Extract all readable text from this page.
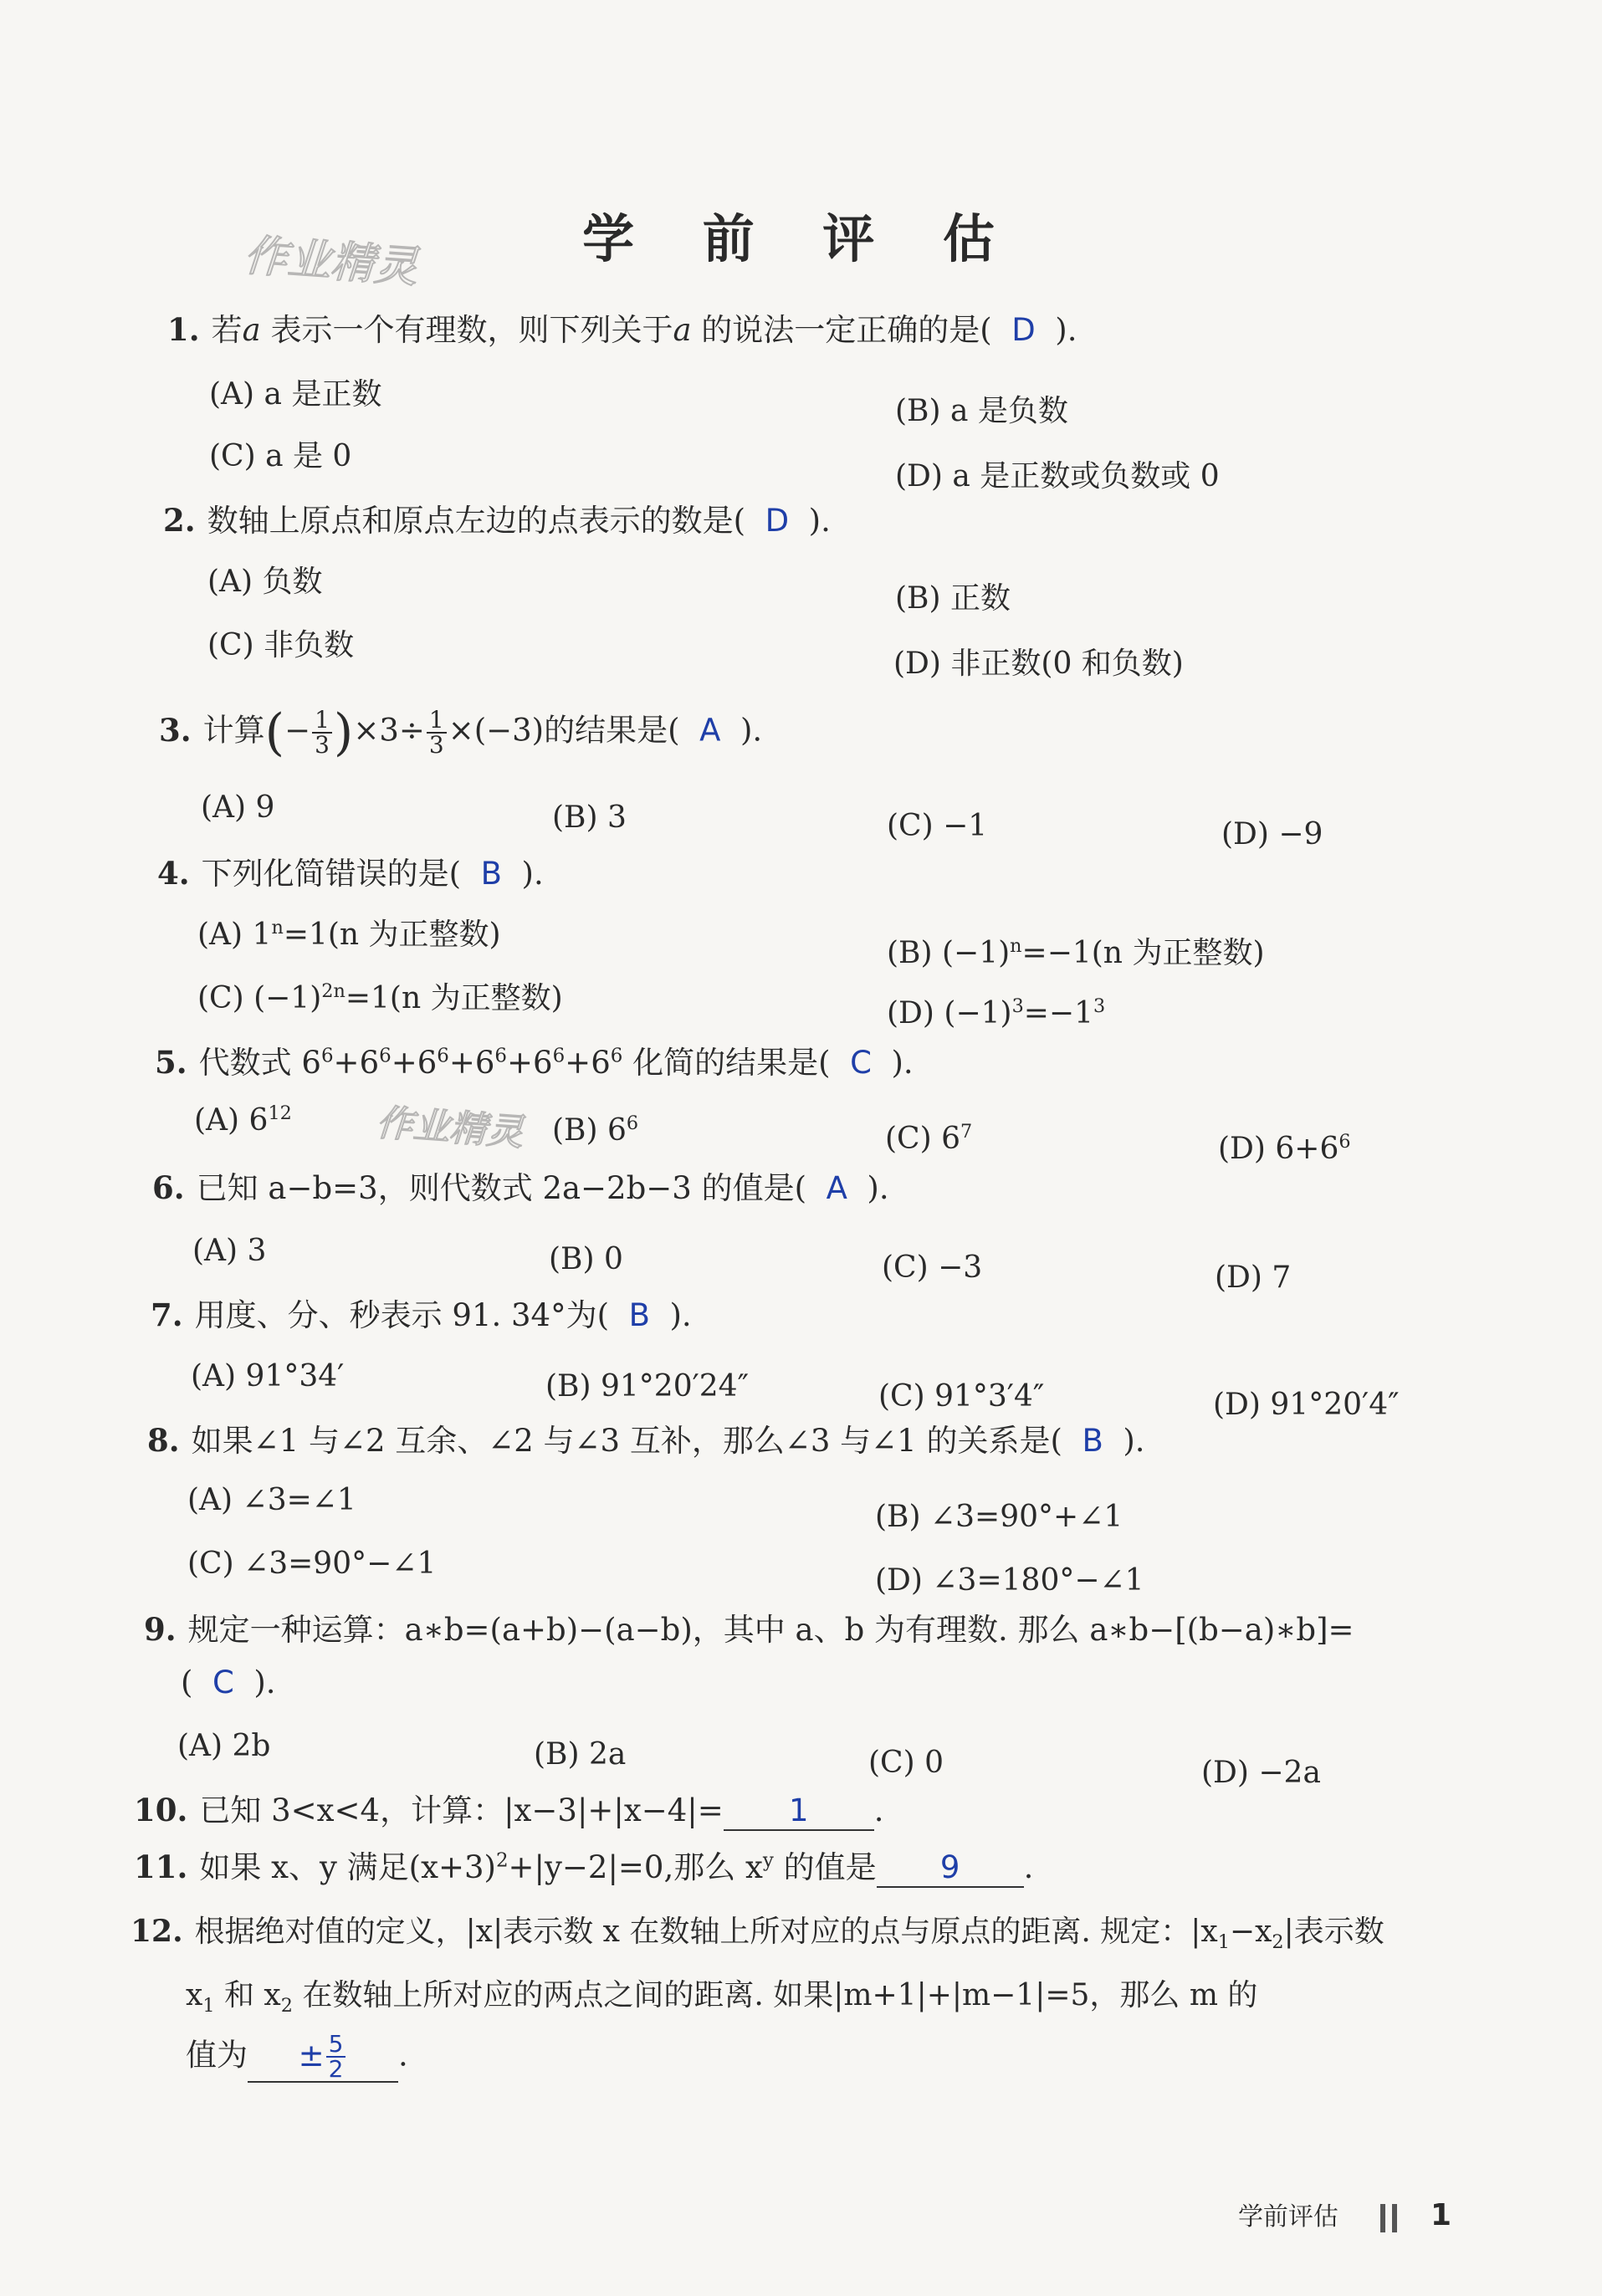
学 前 评 估
作业精灵
作业精灵
1. 若a 表示一个有理数，则下列关于a 的说法一定正确的是( D ).
(A) a 是正数	(B) a 是负数
(C) a 是 0
(D) a 是正数或负数或 0
2. 数轴上原点和原点左边的点表示的数是( D ).
(A) 负数	(B) 正数
(C) 非负数
(D) 非正数(0 和负数)
3. 计算(− $\frac{1}{3} )\times 3\div \frac{1}{3} \times(-3)$的结果是( A ).
(A) 9	(B) 3	(C) −1	(D) −9
4. 下列化简错误的是( B ).
(A) $1^n=1(n$ 为正整数)
(B) $(-1)^n=-1(n$ 为正整数)
(C) $(-1)^{2n}=1(n$ 为正整数)	(D) $(-1)^3=-1^3$
5. 代数式 $6^6+6^6+6^6+6^6+6^6+6^6$ 化简的结果是( C ).
(A) $6^{12}$	(B) $6^6$	(C) $6^7$	(D) $6+6^6$
6. 已知 a−b=3，则代数式 2a−2b−3 的值是( A ).
(A) 3	(B) 0	(C) −3	(D) 7
7. 用度、分、秒表示 91. 34°为( B ).
(A) 91°34′	(B) 91°20′24″	(C) 91°3′4″	(D) 91°20′4″
8. 如果∠1 与∠2 互余、∠2 与∠3 互补，那么∠3 与∠1 的关系是( B ).
(A) ∠3=∠1	(B) ∠3=90°+∠1
(C) ∠3=90°−∠1	(D) ∠3=180°−∠1
9. 规定一种运算：a∗b=(a+b)−(a−b)，其中 a、b 为有理数. 那么 a∗b−[(b−a)∗b]=
( C ).
(A) 2b	(B) 2a	(C) 0	(D) −2a
10. 已知 3<x<4，计算：|x−3|+|x−4|= 1 .
11. 如果 x、y 满足$(x+3)^2+|y-2|=0$,那么 $x^y$ 的值是 9 .
12. 根据绝对值的定义，|x|表示数 x 在数轴上所对应的点与原点的距离. 规定：$|x_1-x_2|$表示数
$x_1$ 和 $x_2$ 在数轴上所对应的两点之间的距离. 如果|m+1|+|m−1|=5，那么 m 的
值为 ± $\frac{5}{2}$ .
学前评估	1
